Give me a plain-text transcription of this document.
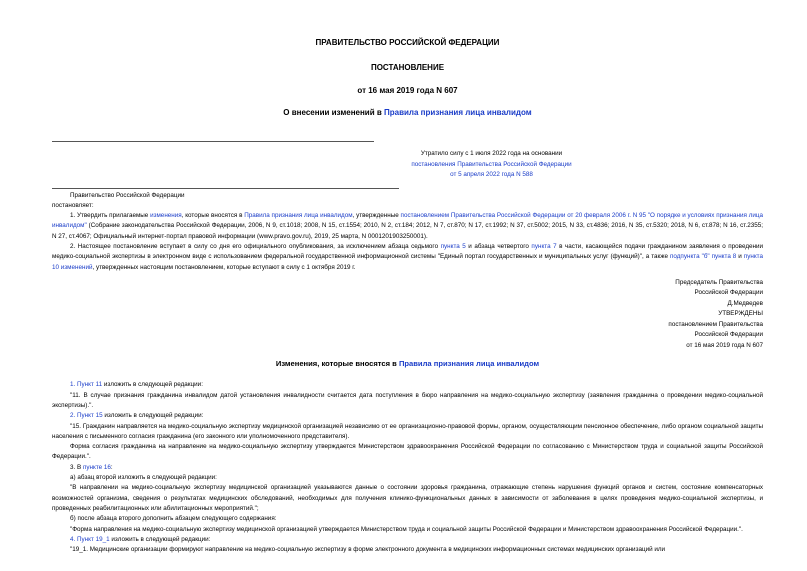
ПРАВИТЕЛЬСТВО РОССИЙСКОЙ ФЕДЕРАЦИИ
ПОСТАНОВЛЕНИЕ
от 16 мая 2019 года N 607
О внесении изменений в Правила признания лица инвалидом
Утратило силу с 1 июля 2022 года на основании
постановления Правительства Российской Федерации
от 5 апреля 2022 года N 588

Правительство Российской Федерации

постановляет:

1. Утвердить прилагаемые изменения, которые вносятся в Правила признания лица инвалидом, утвержденные постановлением Правительства Российской Федерации от 20 февраля 2006 г. N 95 "О порядке и условиях признания лица инвалидом" (Собрание законодательства Российской Федерации, 2006, N 9, ст.1018; 2008, N 15, ст.1554; 2010, N 2, ст.184; 2012, N 7, ст.870; N 17, ст.1992; N 37, ст.5002; 2015, N 33, ст.4836; 2016, N 35, ст.5320; 2018, N 6, ст.878; N 16, ст.2355; N 27, ст.4067; Официальный интернет-портал правовой информации (www.pravo.gov.ru), 2019, 25 марта, N 0001201903250001).

2. Настоящее постановление вступает в силу со дня его официального опубликования, за исключением абзаца седьмого пункта 5 и абзаца четвертого пункта 7 в части, касающейся подачи гражданином заявления о проведении медико-социальной экспертизы в электронном виде с использованием федеральной государственной информационной системы "Единый портал государственных и муниципальных услуг (функций)", а также подпункта "б" пункта 8 и пункта 10 изменений, утвержденных настоящим постановлением, которые вступают в силу с 1 октября 2019 г.

Председатель Правительства
Российской Федерации
Д.Медведев
УТВЕРЖДЕНЫ
постановлением Правительства
Российской Федерации
от 16 мая 2019 года N 607
Изменения, которые вносятся в Правила признания лица инвалидом

1. Пункт 11 изложить в следующей редакции:

"11. В случае признания гражданина инвалидом датой установления инвалидности считается дата поступления в бюро направления на медико-социальную экспертизу (заявления гражданина о проведении медико-социальной экспертизы).".

2. Пункт 15 изложить в следующей редакции:

"15. Гражданин направляется на медико-социальную экспертизу медицинской организацией независимо от ее организационно-правовой формы, органом, осуществляющим пенсионное обеспечение, либо органом социальной защиты населения с письменного согласия гражданина (его законного или уполномоченного представителя).

Форма согласия гражданина на направление на медико-социальную экспертизу утверждается Министерством здравоохранения Российской Федерации по согласованию с Министерством труда и социальной защиты Российской Федерации.".

3. В пункте 16:

а) абзац второй изложить в следующей редакции:

"В направлении на медико-социальную экспертизу медицинской организацией указываются данные о состоянии здоровья гражданина, отражающие степень нарушения функций органов и систем, состояние компенсаторных возможностей организма, сведения о результатах медицинских обследований, необходимых для получения клинико-функциональных данных в зависимости от заболевания в целях проведения медико-социальной экспертизы, и проведенных реабилитационных или абилитационных мероприятий.";

б) после абзаца второго дополнить абзацем следующего содержания:

"Форма направления на медико-социальную экспертизу медицинской организацией утверждается Министерством труда и социальной защиты Российской Федерации и Министерством здравоохранения Российской Федерации.".

4. Пункт 19_1 изложить в следующей редакции:

"19_1. Медицинские организации формируют направление на медико-социальную экспертизу в форме электронного документа в медицинских информационных системах медицинских организаций или
